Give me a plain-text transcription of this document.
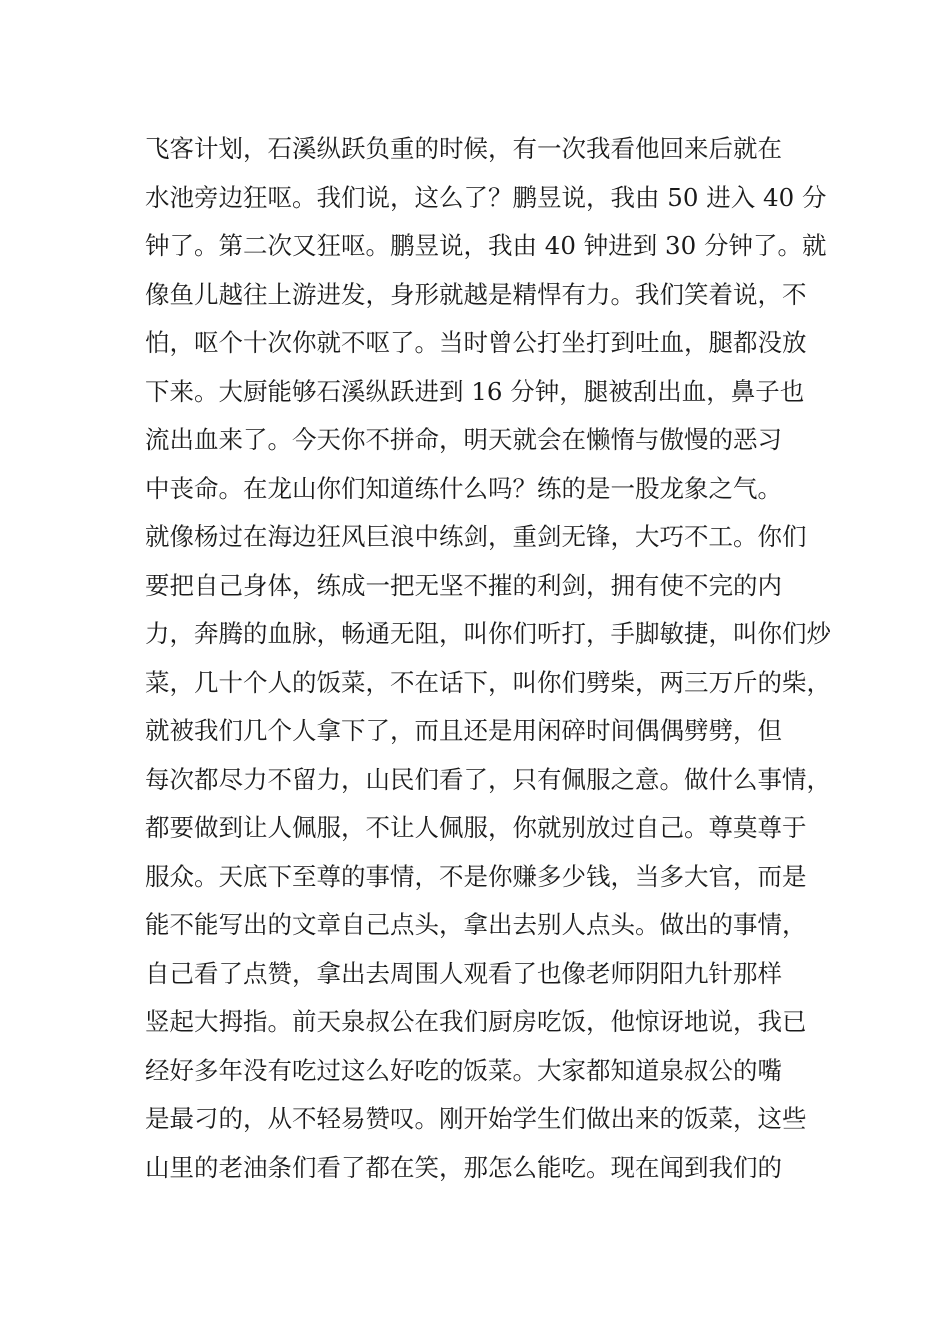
飞客计划，石溪纵跃负重的时候，有一次我看他回来后就在
水池旁边狂呕。我们说，这么了？鹏昱说，我由 50 进入 40 分
钟了。第二次又狂呕。鹏昱说，我由 40 钟进到 30 分钟了。就
像鱼儿越往上游进发，身形就越是精悍有力。我们笑着说，不
怕，呕个十次你就不呕了。当时曾公打坐打到吐血，腿都没放
下来。大厨能够石溪纵跃进到 16 分钟，腿被刮出血，鼻子也
流出血来了。今天你不拼命，明天就会在懒惰与傲慢的恶习
中丧命。在龙山你们知道练什么吗？练的是一股龙象之气。
就像杨过在海边狂风巨浪中练剑，重剑无锋，大巧不工。你们
要把自己身体，练成一把无坚不摧的利剑，拥有使不完的内
力，奔腾的血脉，畅通无阻，叫你们听打，手脚敏捷，叫你们炒
菜，几十个人的饭菜，不在话下，叫你们劈柴，两三万斤的柴，
就被我们几个人拿下了，而且还是用闲碎时间偶偶劈劈，但
每次都尽力不留力，山民们看了，只有佩服之意。做什么事情，
都要做到让人佩服，不让人佩服，你就别放过自己。尊莫尊于
服众。天底下至尊的事情，不是你赚多少钱，当多大官，而是
能不能写出的文章自己点头，拿出去别人点头。做出的事情，
自己看了点赞，拿出去周围人观看了也像老师阴阳九针那样
竖起大拇指。前天泉叔公在我们厨房吃饭，他惊讶地说，我已
经好多年没有吃过这么好吃的饭菜。大家都知道泉叔公的嘴
是最刁的，从不轻易赞叹。刚开始学生们做出来的饭菜，这些
山里的老油条们看了都在笑，那怎么能吃。现在闻到我们的
